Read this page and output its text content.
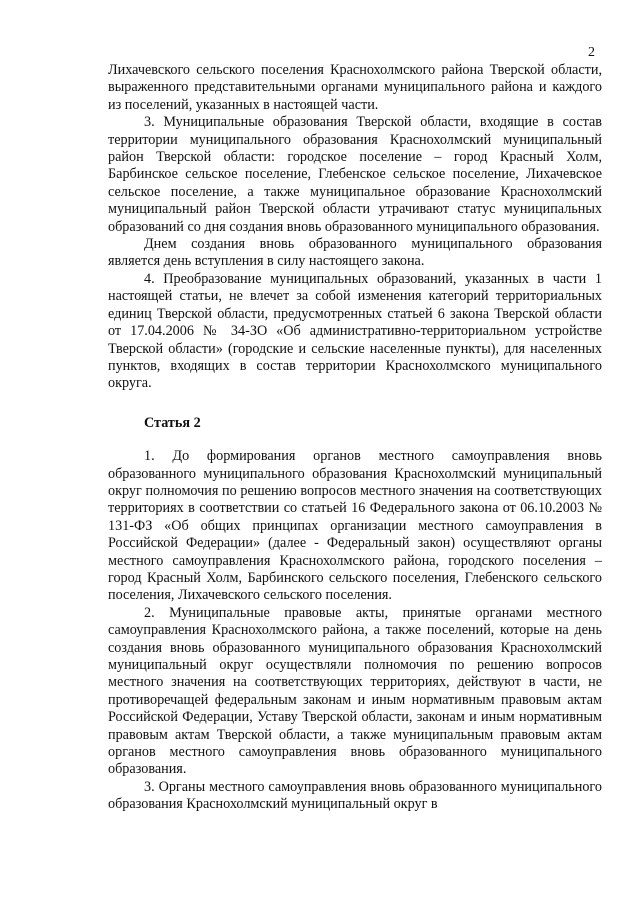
2

Лихачевского сельского поселения Краснохолмского района Тверской области, выраженного представительными органами муниципального района и каждого из поселений, указанных в настоящей части.

3. Муниципальные образования Тверской области, входящие в состав территории муниципального образования Краснохолмский муниципальный район Тверской области: городское поселение – город Красный Холм, Барбинское сельское поселение, Глебенское сельское поселение, Лихачевское сельское поселение, а также муниципальное образование Краснохолмский муниципальный район Тверской области утрачивают статус муниципальных образований со дня создания вновь образованного муниципального образования.

Днем создания вновь образованного муниципального образования является день вступления в силу настоящего закона.

4. Преобразование муниципальных образований, указанных в части 1 настоящей статьи, не влечет за собой изменения категорий территориальных единиц Тверской области, предусмотренных статьей 6 закона Тверской области от 17.04.2006 № 34-ЗО «Об административно-территориальном устройстве Тверской области» (городские и сельские населенные пункты), для населенных пунктов, входящих в состав территории Краснохолмского муниципального округа.

Статья 2

1. До формирования органов местного самоуправления вновь образованного муниципального образования Краснохолмский муниципальный округ полномочия по решению вопросов местного значения на соответствующих территориях в соответствии со статьей 16 Федерального закона от 06.10.2003 № 131-ФЗ «Об общих принципах организации местного самоуправления в Российской Федерации» (далее - Федеральный закон) осуществляют органы местного самоуправления Краснохолмского района, городского поселения – город Красный Холм, Барбинского сельского поселения, Глебенского сельского поселения, Лихачевского сельского поселения.

2. Муниципальные правовые акты, принятые органами местного самоуправления Краснохолмского района, а также поселений, которые на день создания вновь образованного муниципального образования Краснохолмский муниципальный округ осуществляли полномочия по решению вопросов местного значения на соответствующих территориях, действуют в части, не противоречащей федеральным законам и иным нормативным правовым актам Российской Федерации, Уставу Тверской области, законам и иным нормативным правовым актам Тверской области, а также муниципальным правовым актам органов местного самоуправления вновь образованного муниципального образования.

3. Органы местного самоуправления вновь образованного муниципального образования Краснохолмский муниципальный округ в
